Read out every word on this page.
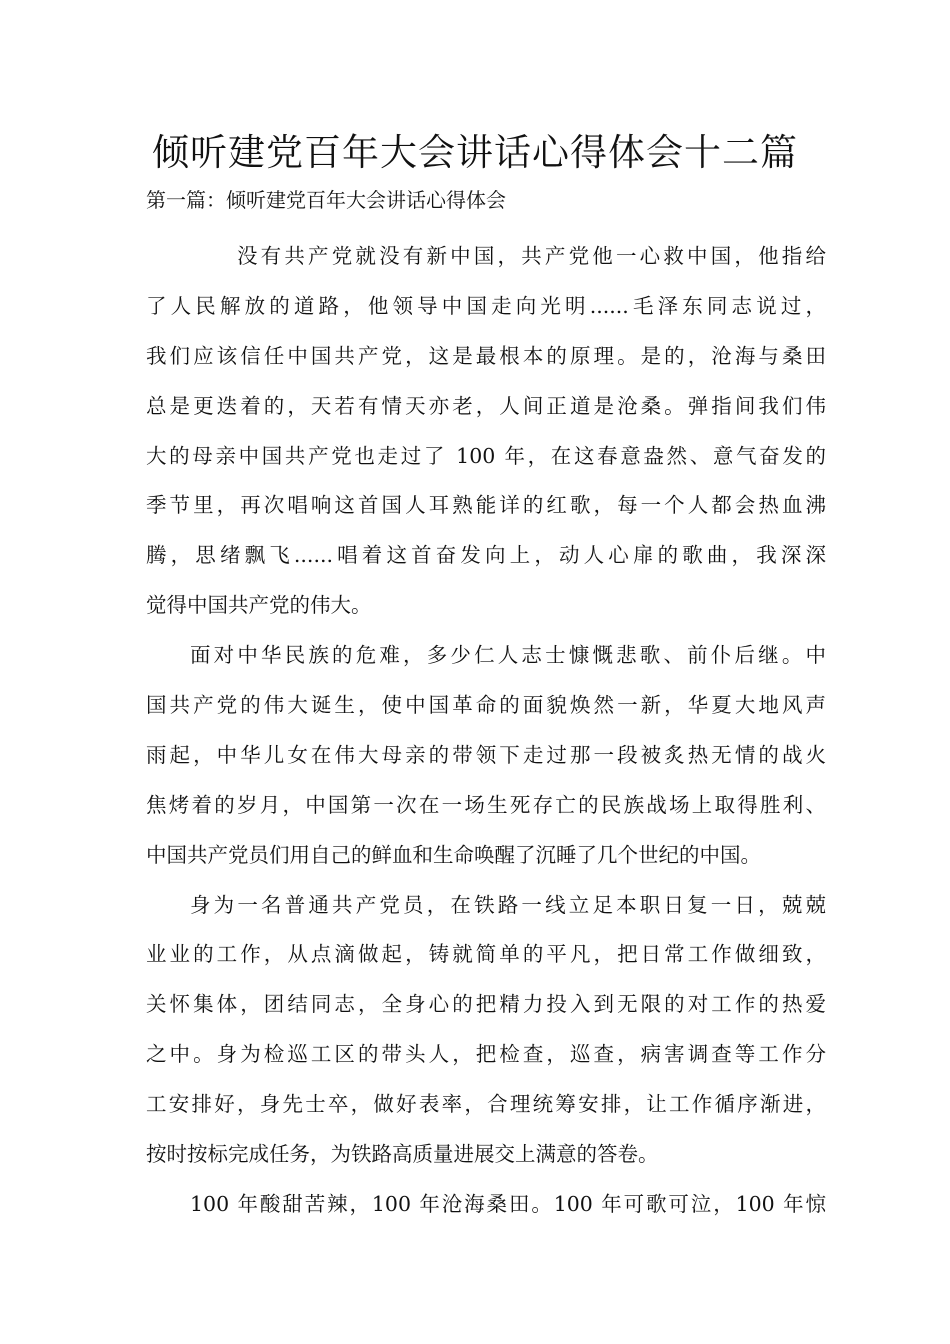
倾听建党百年大会讲话心得体会十二篇
第一篇：倾听建党百年大会讲话心得体会
没有共产党就没有新中国，共产党他一心救中国，他指给
了人民解放的道路，他领导中国走向光明......毛泽东同志说过，
我们应该信任中国共产党，这是最根本的原理。是的，沧海与桑田
总是更迭着的，天若有情天亦老，人间正道是沧桑。弹指间我们伟
大的母亲中国共产党也走过了 100 年，在这春意盎然、意气奋发的
季节里，再次唱响这首国人耳熟能详的红歌，每一个人都会热血沸
腾，思绪飘飞......唱着这首奋发向上，动人心扉的歌曲，我深深
觉得中国共产党的伟大。
面对中华民族的危难，多少仁人志士慷慨悲歌、前仆后继。中
国共产党的伟大诞生，使中国革命的面貌焕然一新，华夏大地风声
雨起，中华儿女在伟大母亲的带领下走过那一段被炙热无情的战火
焦烤着的岁月，中国第一次在一场生死存亡的民族战场上取得胜利、
中国共产党员们用自己的鲜血和生命唤醒了沉睡了几个世纪的中国。
身为一名普通共产党员，在铁路一线立足本职日复一日，兢兢
业业的工作，从点滴做起，铸就简单的平凡，把日常工作做细致，
关怀集体，团结同志，全身心的把精力投入到无限的对工作的热爱
之中。身为检巡工区的带头人，把检查，巡查，病害调查等工作分
工安排好，身先士卒，做好表率，合理统筹安排，让工作循序渐进，
按时按标完成任务，为铁路高质量进展交上满意的答卷。
100 年酸甜苦辣，100 年沧海桑田。100 年可歌可泣，100 年惊
